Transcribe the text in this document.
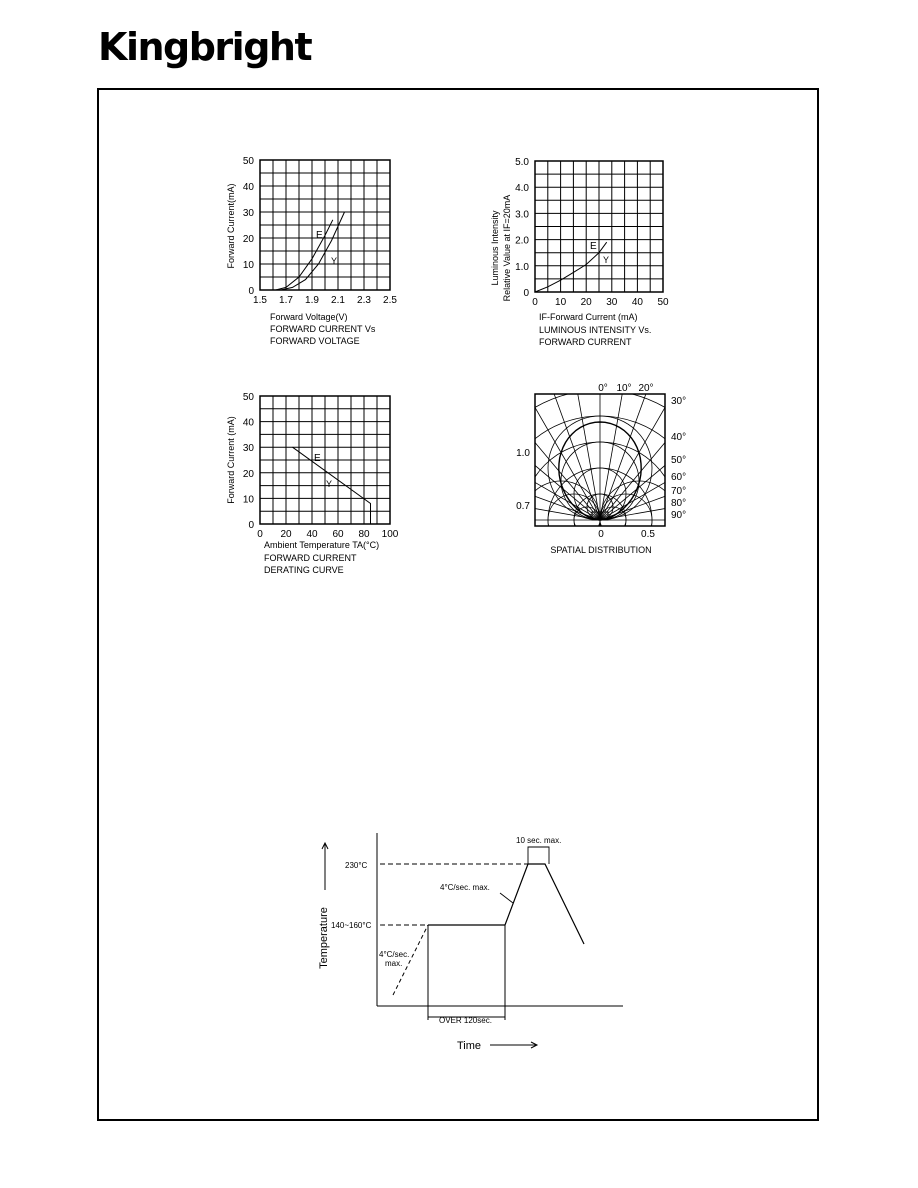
Kingbright
1.5 1.7 1.9 2.1 2.3 2.5
0
10
20
30
40
50
E
Y
Forward Voltage(V)
FORWARD CURRENT Vs
FORWARD VOLTAGE
Forward Current(mA)
0 10 20 30 40 50
0
1.0
2.0
3.0
4.0
5.0
E
Y
IF-Forward Current (mA)
LUMINOUS INTENSITY Vs.
FORWARD CURRENT
Luminous Intensity Relative Value at IF=20mA
0 20 40 60 80 100
0
10
20
30
40
50
E
Y
Ambient Temperature TA(°C)
FORWARD CURRENT
DERATING CURVE
Forward Current (mA)
0° 10° 20°
30°
40°
50°
60°
70°
80°
90°
1.0
0.7
0	0.5
SPATIAL DISTRIBUTION
230°C
140~160°C
10 sec. max.
4°C/sec. max.
4°C/sec.
max.
OVER 120sec.
Temperature
Time
